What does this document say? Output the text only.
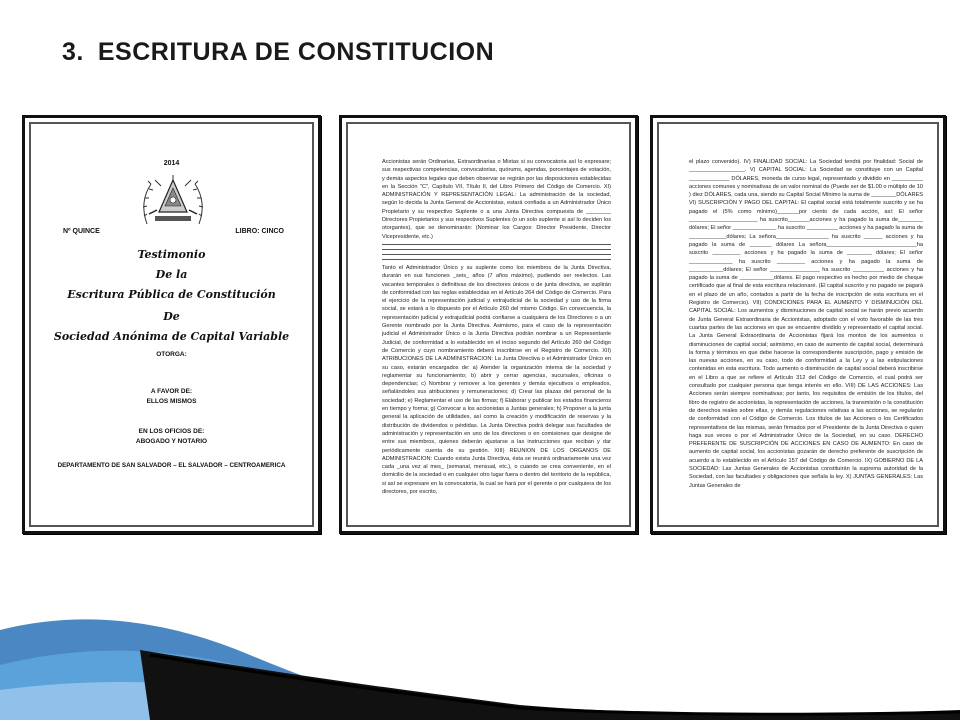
3. ESCRITURA DE CONSTITUCION
2014
Nº QUINCE	LIBRO: CINCO
Testimonio
De la
Escritura Pública de Constitución
De
Sociedad Anónima de Capital Variable
OTORGA:
A FAVOR DE:
ELLOS MISMOS
EN LOS OFICIOS DE:
ABOGADO Y NOTARIO
DEPARTAMENTO DE SAN SALVADOR – EL SALVADOR – CENTROAMERICA
Accionistas serán Ordinarias, Extraordinarias o Mixtas si su convocatoria así lo expresare; sus respectivas competencias, convocatorias, quórums, agendas, porcentajes de votación, y demás aspectos legales que deben observar se regirán por las disposiciones establecidas en la Sección "C", Capítulo VII, Título II, del Libro Primero del Código de Comercio. XI) ADMINISTRACIÓN Y REPRESENTACIÓN LEGAL: La administración de la sociedad, según lo decida la Junta General de Accionistas, estará confiada a un Administrador Único Propietario y su respectivo Suplente o a una Junta Directiva compuesta de ________ Directores Propietarios y sus respectivos Suplentes (o un solo suplente si así lo deciden los otorgantes), que se denominarán: (Nominar los Cargos: Director Presidente, Director Vicepresidente, etc.)
Tanto el Administrador Único y su suplente como los miembros de la Junta Directiva, durarán en sus funciones _seis_ años (7 años máximo), pudiendo ser reelectos. Las vacantes temporales o definitivas de los directores únicos o de junta directiva, se suplirán de conformidad con las reglas establecidas en el Artículo 264 del Código de Comercio. Para el ejercicio de la representación judicial y extrajudicial de la sociedad y uso de la firma social, se estará a lo dispuesto por el Artículo 260 del mismo Código. En consecuencia, la representación judicial y extrajudicial podrá confiarse a cualquiera de los Directores o a un Gerente nombrado por la Junta Directiva. Asimismo, para el caso de la representación judicial el Administrador Único o la Junta Directiva podrán nombrar a un Representante Judicial, de conformidad a lo establecido en el inciso segundo del Artículo 260 del Código de Comercio y cuyo nombramiento deberá inscribirse en el Registro de Comercio. XII) ATRIBUCIONES DE LA ADMINISTRACION: La Junta Directiva o el Administrador Único en su caso, estarán encargados de: a) Atender la organización interna de la sociedad y reglamentar su funcionamiento; b) abrir y cerrar agencias, sucursales, oficinas o dependencias; c) Nombrar y remover a los gerentes y demás ejecutivos o empleados, señalándoles sus atribuciones y remuneraciones; d) Crear las plazas del personal de la sociedad; e) Reglamentar el uso de las firmas; f) Elaborar y publicar los estados financieros en tiempo y forma; g) Convocar a los accionistas a Juntas generales; h) Proponer a la junta general la aplicación de utilidades, así como la creación y modificación de reservas y la distribución de dividendos o pérdidas. La Junta Directiva podrá delegar sus facultades de administración y representación en uno de los directores o en comisiones que designe de entre sus miembros, quienes deberán ajustarse a las instrucciones que reciban y dar periódicamente cuenta de su gestión. XIII) REUNION DE LOS ORGANOS DE ADMINISTRACION: Cuando exista Junta Directiva, ésta se reunirá ordinariamente una vez cada _una vez al mes_ (semanal, mensual, etc.), o cuando se crea conveniente, en el domicilio de la sociedad o en cualquier otro lugar fuera o dentro del territorio de la república, si así se expresare en la convocatoria, la cual se hará por el gerente o por cualquiera de los directores, por escrito,
el plazo convenido). IV) FINALIDAD SOCIAL: La Sociedad tendrá por finalidad: Social de __________________. V) CAPITAL SOCIAL: La Sociedad se constituye con un Capital _____________ DÓLARES, moneda de curso legal, representado y dividido en __________ acciones comunes y nominativas de un valor nominal de (Puede ser de $1.00 o múltiplo de 10 ) diez DÓLARES, cada una, siendo su Capital Social Mínimo la suma de ________DÓLARES VI) SUSCRIPCIÓN Y PAGO DEL CAPITAL: El capital social está totalmente suscrito y se ha pagado el (5% como mínimo)_______por ciento de cada acción, así: El señor ______________________ ha suscrito_______acciones y ha pagado la suma de________ dólares; El señor ______________ ha suscrito __________ acciones y ha pagado la suma de ____________dólares; La señora_________________ ha suscrito ______ acciones y ha pagado la suma de _______ dólares La señora_____________________________ha suscrito _________ acciones y ha pagado la suma de ________ dólares; El señor ______________ ha suscrito _________ acciones y ha pagado la suma de ___________dólares; El señor ________________ ha suscrito __________ acciones y ha pagado la suma de ___________dólares. El pago respectivo es hecho por medio de cheque certificado que al final de esta escritura relacionaré. (El capital suscrito y no pagado se pagará en el plazo de un año, contados a partir de la fecha de inscripción de esta escritura en el Registro de Comercio). VII) CONDICIONES PARA EL AUMENTO Y DISMINUCIÓN DEL CAPITAL SOCIAL: Los aumentos y disminuciones de capital social se harán previo acuerdo de Junta General Extraordinaria de Accionistas, adoptado con el voto favorable de las tres cuartas partes de las acciones en que se encuentre dividido y representado el capital social. La Junta General Extraordinaria de Accionistas fijará los montos de los aumentos o disminuciones de capital social; asimismo, en caso de aumento de capital social, determinará la forma y términos en que debe hacerse la correspondiente suscripción, pago y emisión de las nuevas acciones, en su caso, todo de conformidad a la Ley y a las estipulaciones contenidas en esta escritura. Todo aumento o disminución de capital social deberá inscribirse en el Libro a que se refiere el Artículo 312 del Código de Comercio, el cual podrá ser consultado por cualquier persona que tenga interés en ello. VIII) DE LAS ACCIONES: Las Acciones serán siempre nominativas; por tanto, los requisitos de emisión de los títulos, del libro de registro de accionistas, la representación de acciones, la transmisión o la constitución de derechos reales sobre ellas, y demás regulaciones relativas a las acciones, se regularán de conformidad con el Código de Comercio. Los títulos de las Acciones o los Certificados representativos de las mismas, serán firmados por el Presidente de la Junta Directiva o quien haga sus veces o por el Administrador Único de la Sociedad, en su caso. DERECHO PREFERENTE DE SUSCRIPCIÓN DE ACCIONES EN CASO DE AUMENTO: En caso de aumento de capital social, los accionistas gozarán de derecho preferente de suscripción de acuerdo a lo establecido en el Artículo 157 del Código de Comercio. IX) GOBIERNO DE LA SOCIEDAD: Las Juntas Generales de Accionistas constituirán la suprema autoridad de la Sociedad, con las facultades y obligaciones que señala la ley. X) JUNTAS GENERALES: Las Juntas Generales de
